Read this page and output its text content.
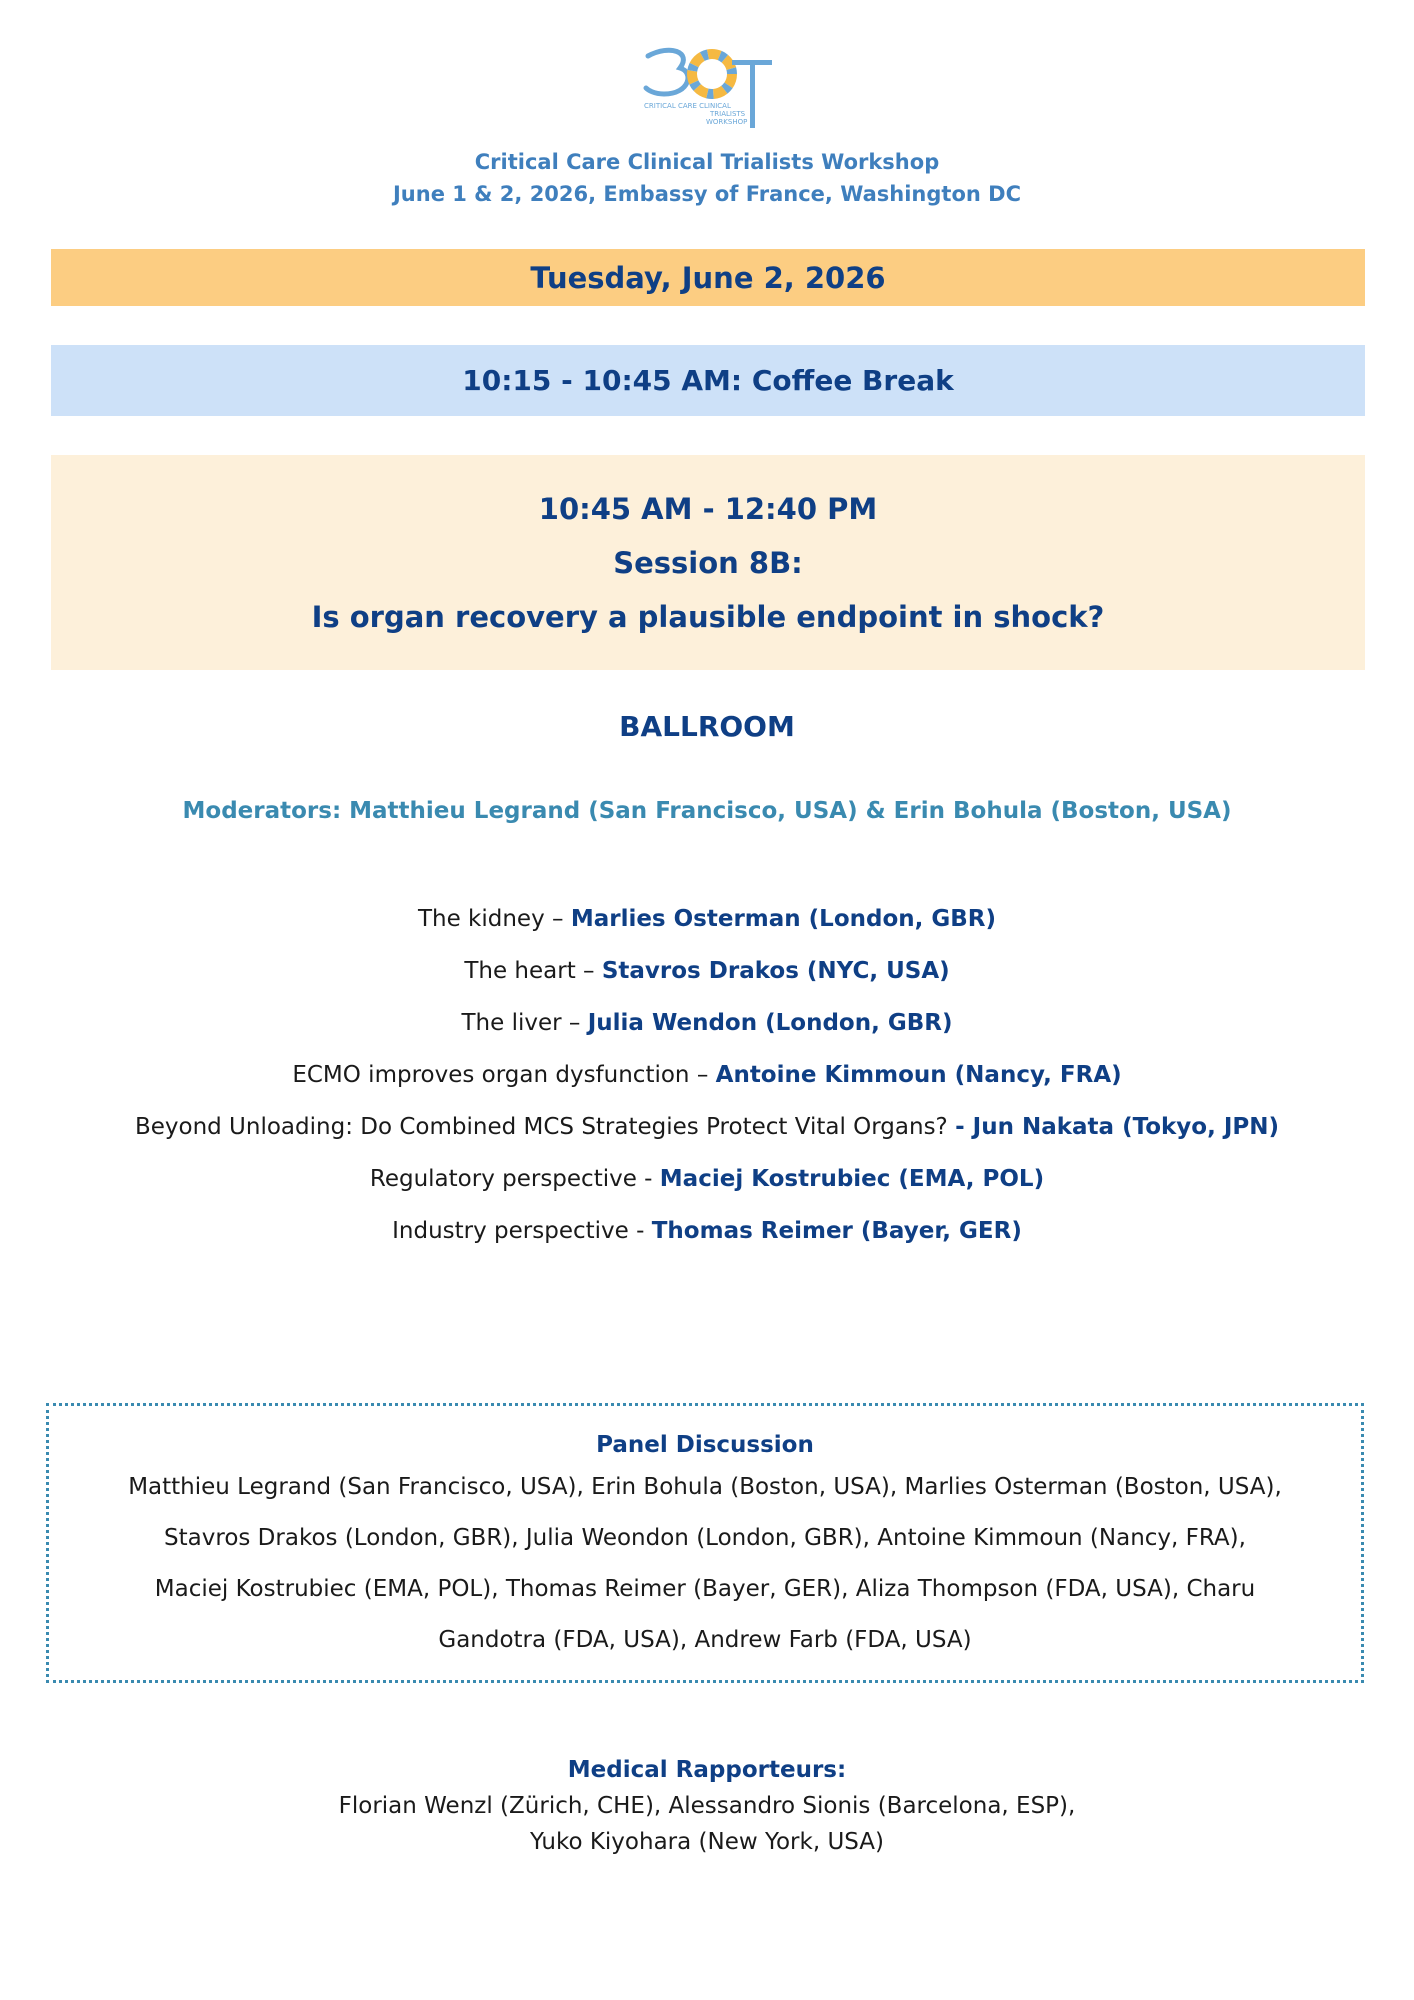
CRITICAL CARE CLINICAL
TRIALISTS
WORKSHOP
Critical Care Clinical Trialists Workshop
June 1 & 2, 2026, Embassy of France, Washington DC
Tuesday, June 2, 2026
10:15 - 10:45 AM: Coffee Break
10:45 AM - 12:40 PM
Session 8B:
Is organ recovery a plausible endpoint in shock?
BALLROOM
Moderators: Matthieu Legrand (San Francisco, USA) & Erin Bohula (Boston, USA)
The kidney – Marlies Osterman (London, GBR)
The heart – Stavros Drakos (NYC, USA)
The liver – Julia Wendon (London, GBR)
ECMO improves organ dysfunction – Antoine Kimmoun (Nancy, FRA)
Beyond Unloading: Do Combined MCS Strategies Protect Vital Organs? - Jun Nakata (Tokyo, JPN)
Regulatory perspective - Maciej Kostrubiec (EMA, POL)
Industry perspective - Thomas Reimer (Bayer, GER)
Panel Discussion
Matthieu Legrand (San Francisco, USA), Erin Bohula (Boston, USA), Marlies Osterman (Boston, USA),
Stavros Drakos (London, GBR), Julia Weondon (London, GBR), Antoine Kimmoun (Nancy, FRA),
Maciej Kostrubiec (EMA, POL), Thomas Reimer (Bayer, GER), Aliza Thompson (FDA, USA), Charu
Gandotra (FDA, USA), Andrew Farb (FDA, USA)
Medical Rapporteurs:
Florian Wenzl (Zürich, CHE), Alessandro Sionis (Barcelona, ESP),
Yuko Kiyohara (New York, USA)
